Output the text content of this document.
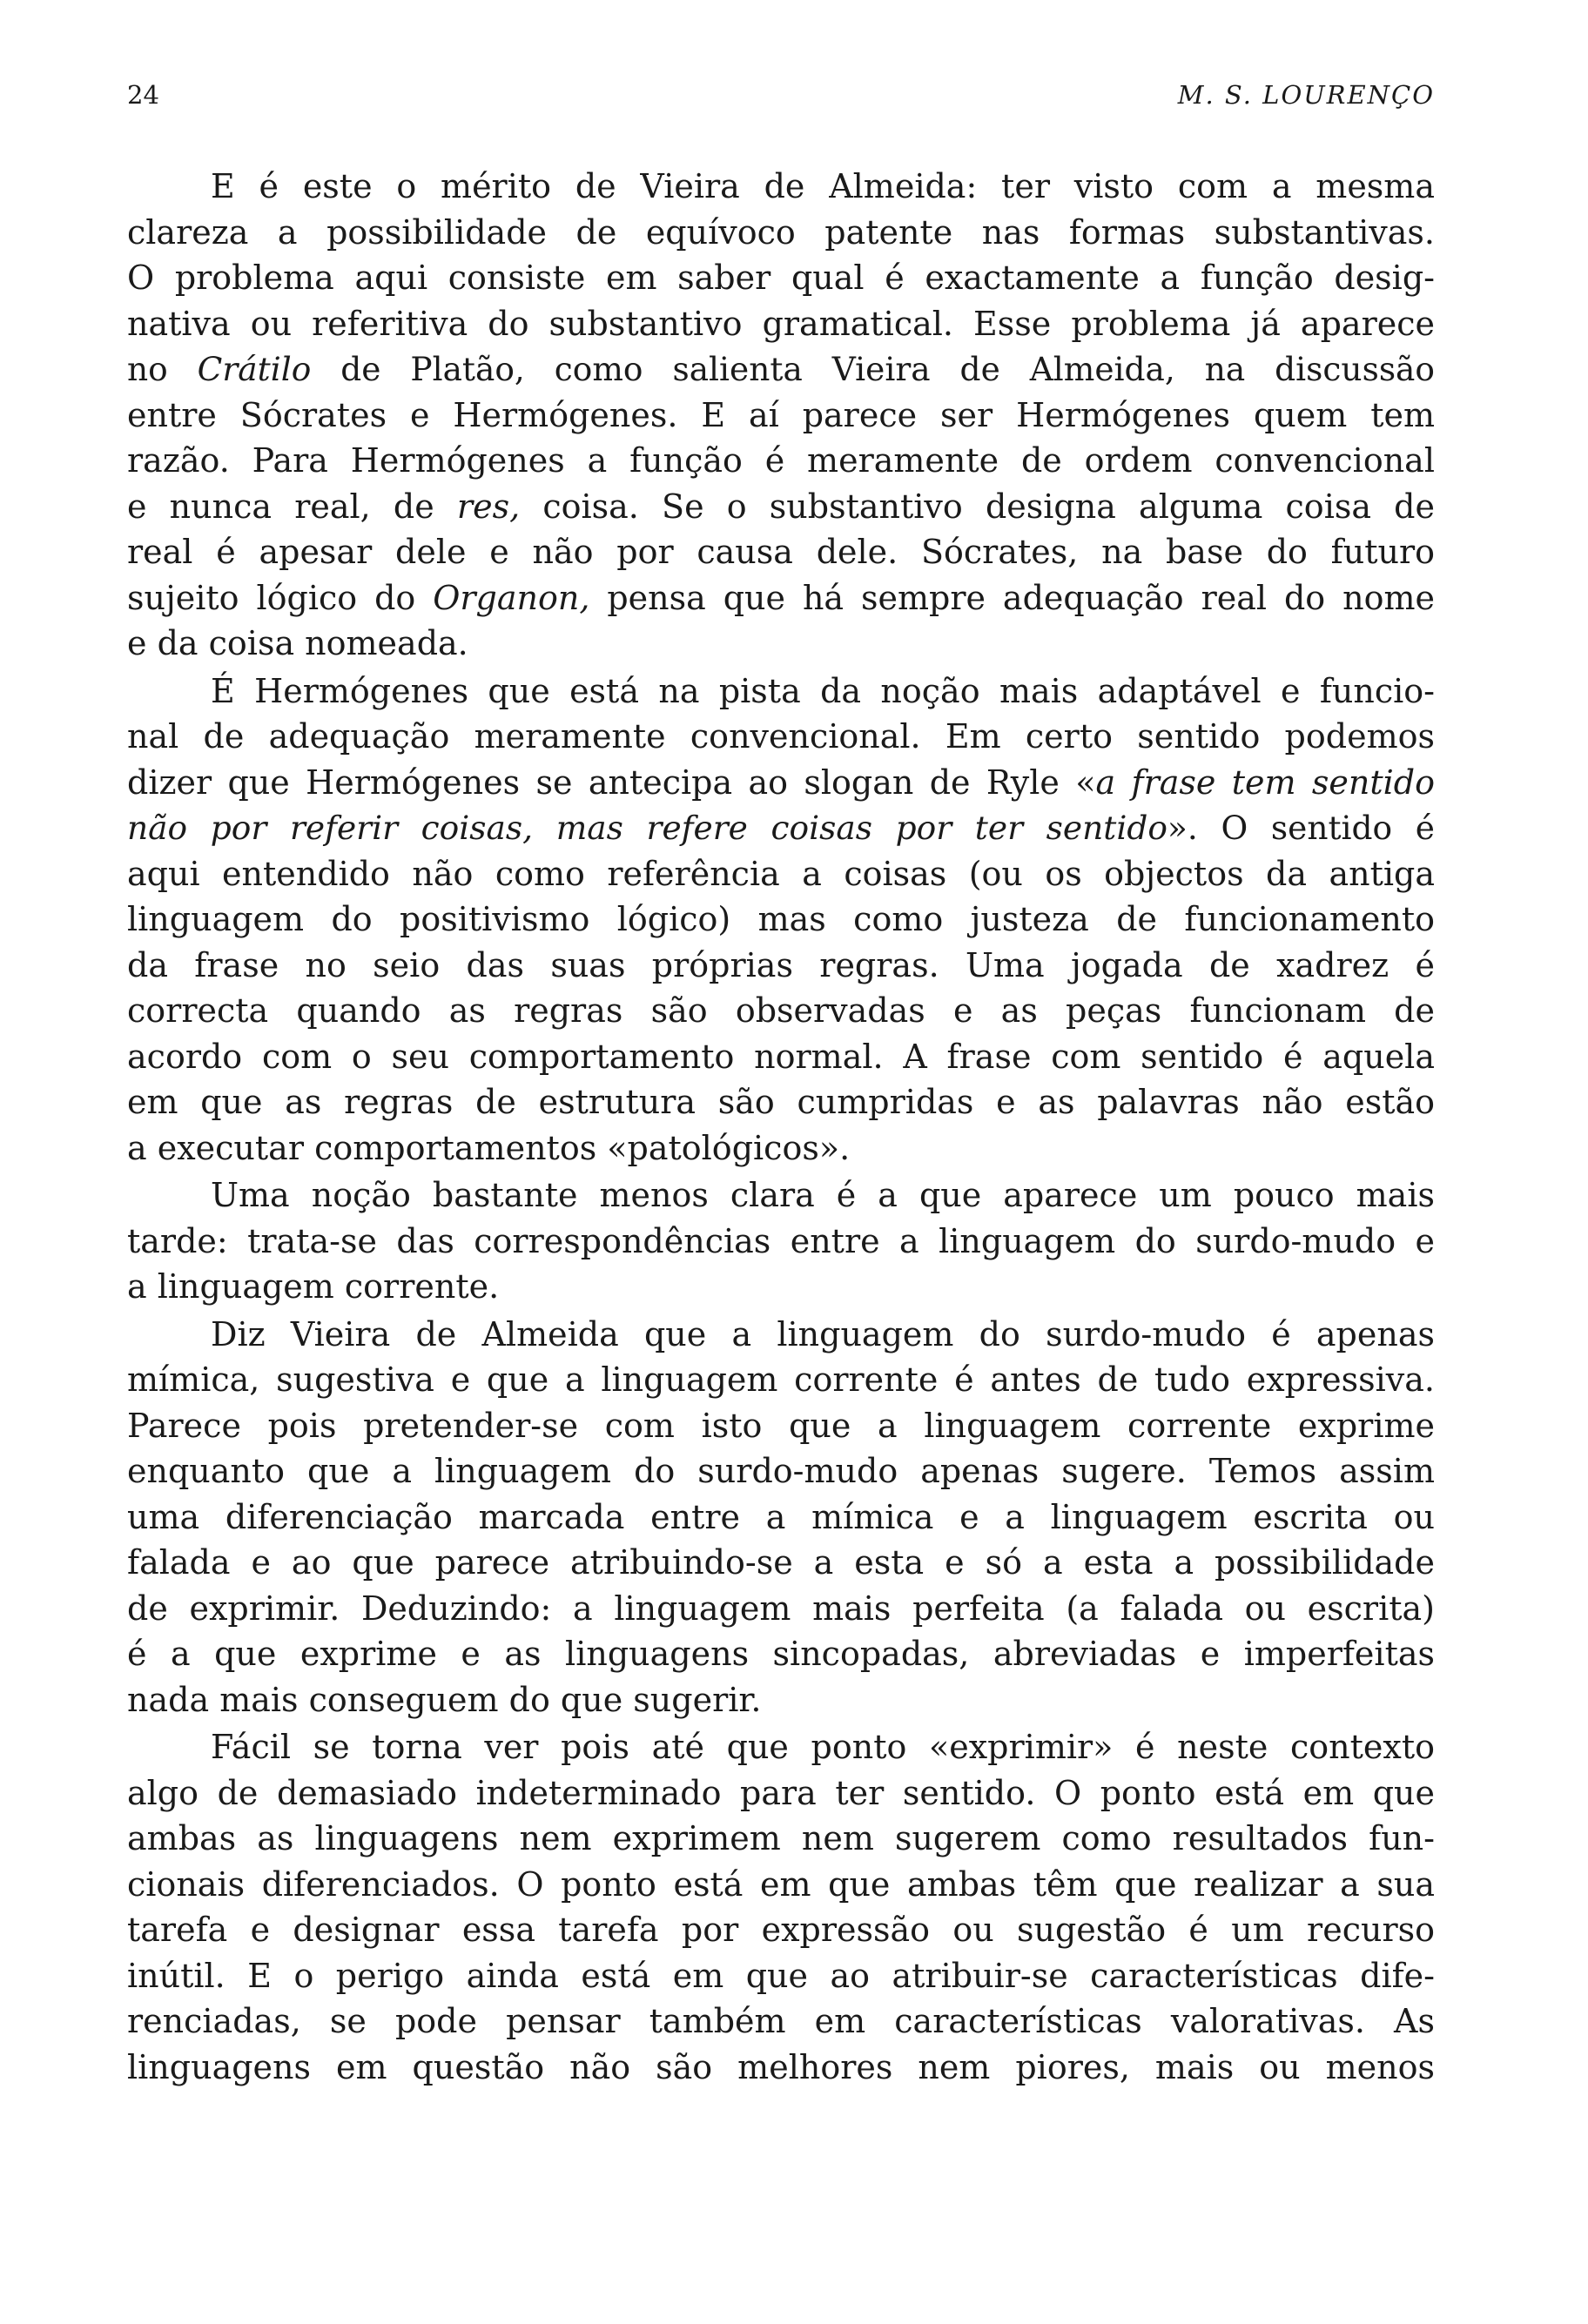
24	M. S. LOURENÇO
E é este o mérito de Vieira de Almeida: ter visto com a mesma
clareza a possibilidade de equívoco patente nas formas substantivas.
O problema aqui consiste em saber qual é exactamente a função desig-
nativa ou referitiva do substantivo gramatical. Esse problema já aparece
no Crátilo de Platão, como salienta Vieira de Almeida, na discussão
entre Sócrates e Hermógenes. E aí parece ser Hermógenes quem tem
razão. Para Hermógenes a função é meramente de ordem convencional
e nunca real, de res, coisa. Se o substantivo designa alguma coisa de
real é apesar dele e não por causa dele. Sócrates, na base do futuro
sujeito lógico do Organon, pensa que há sempre adequação real do nome
e da coisa nomeada.
É Hermógenes que está na pista da noção mais adaptável e funcio-
nal de adequação meramente convencional. Em certo sentido podemos
dizer que Hermógenes se antecipa ao slogan de Ryle «a frase tem sentido
não por referir coisas, mas refere coisas por ter sentido». O sentido é
aqui entendido não como referência a coisas (ou os objectos da antiga
linguagem do positivismo lógico) mas como justeza de funcionamento
da frase no seio das suas próprias regras. Uma jogada de xadrez é
correcta quando as regras são observadas e as peças funcionam de
acordo com o seu comportamento normal. A frase com sentido é aquela
em que as regras de estrutura são cumpridas e as palavras não estão
a executar comportamentos «patológicos».
Uma noção bastante menos clara é a que aparece um pouco mais
tarde: trata-se das correspondências entre a linguagem do surdo-mudo e
a linguagem corrente.
Diz Vieira de Almeida que a linguagem do surdo-mudo é apenas
mímica, sugestiva e que a linguagem corrente é antes de tudo expressiva.
Parece pois pretender-se com isto que a linguagem corrente exprime
enquanto que a linguagem do surdo-mudo apenas sugere. Temos assim
uma diferenciação marcada entre a mímica e a linguagem escrita ou
falada e ao que parece atribuindo-se a esta e só a esta a possibilidade
de exprimir. Deduzindo: a linguagem mais perfeita (a falada ou escrita)
é a que exprime e as linguagens sincopadas, abreviadas e imperfeitas
nada mais conseguem do que sugerir.
Fácil se torna ver pois até que ponto «exprimir» é neste contexto
algo de demasiado indeterminado para ter sentido. O ponto está em que
ambas as linguagens nem exprimem nem sugerem como resultados fun-
cionais diferenciados. O ponto está em que ambas têm que realizar a sua
tarefa e designar essa tarefa por expressão ou sugestão é um recurso
inútil. E o perigo ainda está em que ao atribuir-se características dife-
renciadas, se pode pensar também em características valorativas. As
linguagens em questão não são melhores nem piores, mais ou menos
